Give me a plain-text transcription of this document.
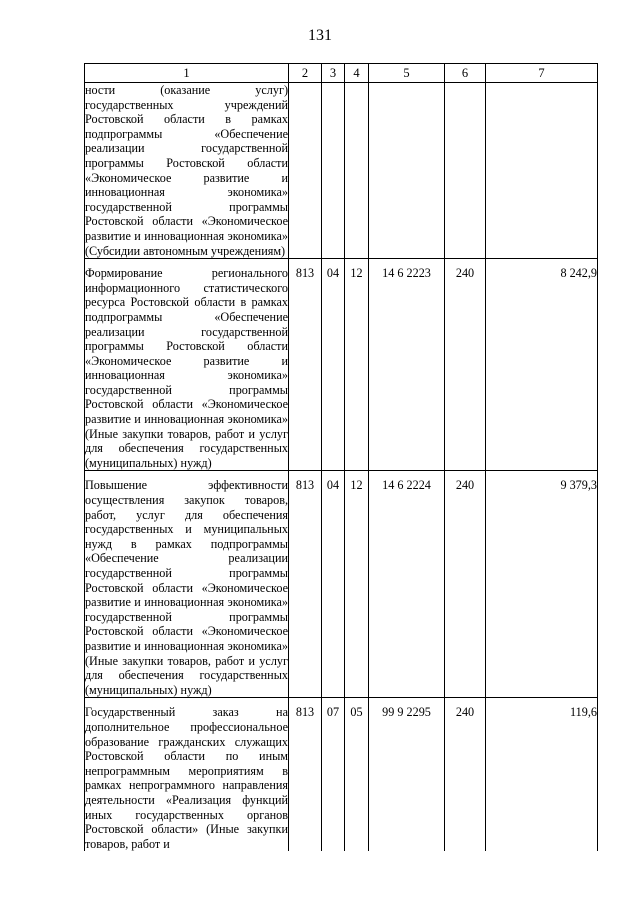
131
1	2	3	4	5	6	7
ности (оказание услуг) государственных учреждений Ростовской области в рамках подпрограммы «Обеспечение реализации государственной программы Ростовской области «Экономическое развитие и инновационная экономика» государственной программы Ростовской области «Экономическое развитие и инновационная экономика» (Субсидии автономным учреждениям)						
Формирование регионального информационного статистического ресурса Ростовской области в рамках подпрограммы «Обеспечение реализации государственной программы Ростовской области «Экономическое развитие и инновационная экономика» государственной программы Ростовской области «Экономическое развитие и инновационная экономика» (Иные закупки товаров, работ и услуг для обеспечения государственных (муниципальных) нужд)	813	04	12	14 6 2223	240	8 242,9
Повышение эффективности осуществления закупок товаров, работ, услуг для обеспечения государственных и муниципальных нужд в рамках подпрограммы «Обеспечение реализации государственной программы Ростовской области «Экономическое развитие и инновационная экономика» государственной программы Ростовской области «Экономическое развитие и инновационная экономика» (Иные закупки товаров, работ и услуг для обеспечения государственных (муниципальных) нужд)	813	04	12	14 6 2224	240	9 379,3
Государственный заказ на дополнительное профессиональное образование гражданских служащих Ростовской области по иным непрограммным мероприятиям в рамках непрограммного направления деятельности «Реализация функций иных государственных органов Ростовской области» (Иные закупки товаров, работ и	813	07	05	99 9 2295	240	119,6
